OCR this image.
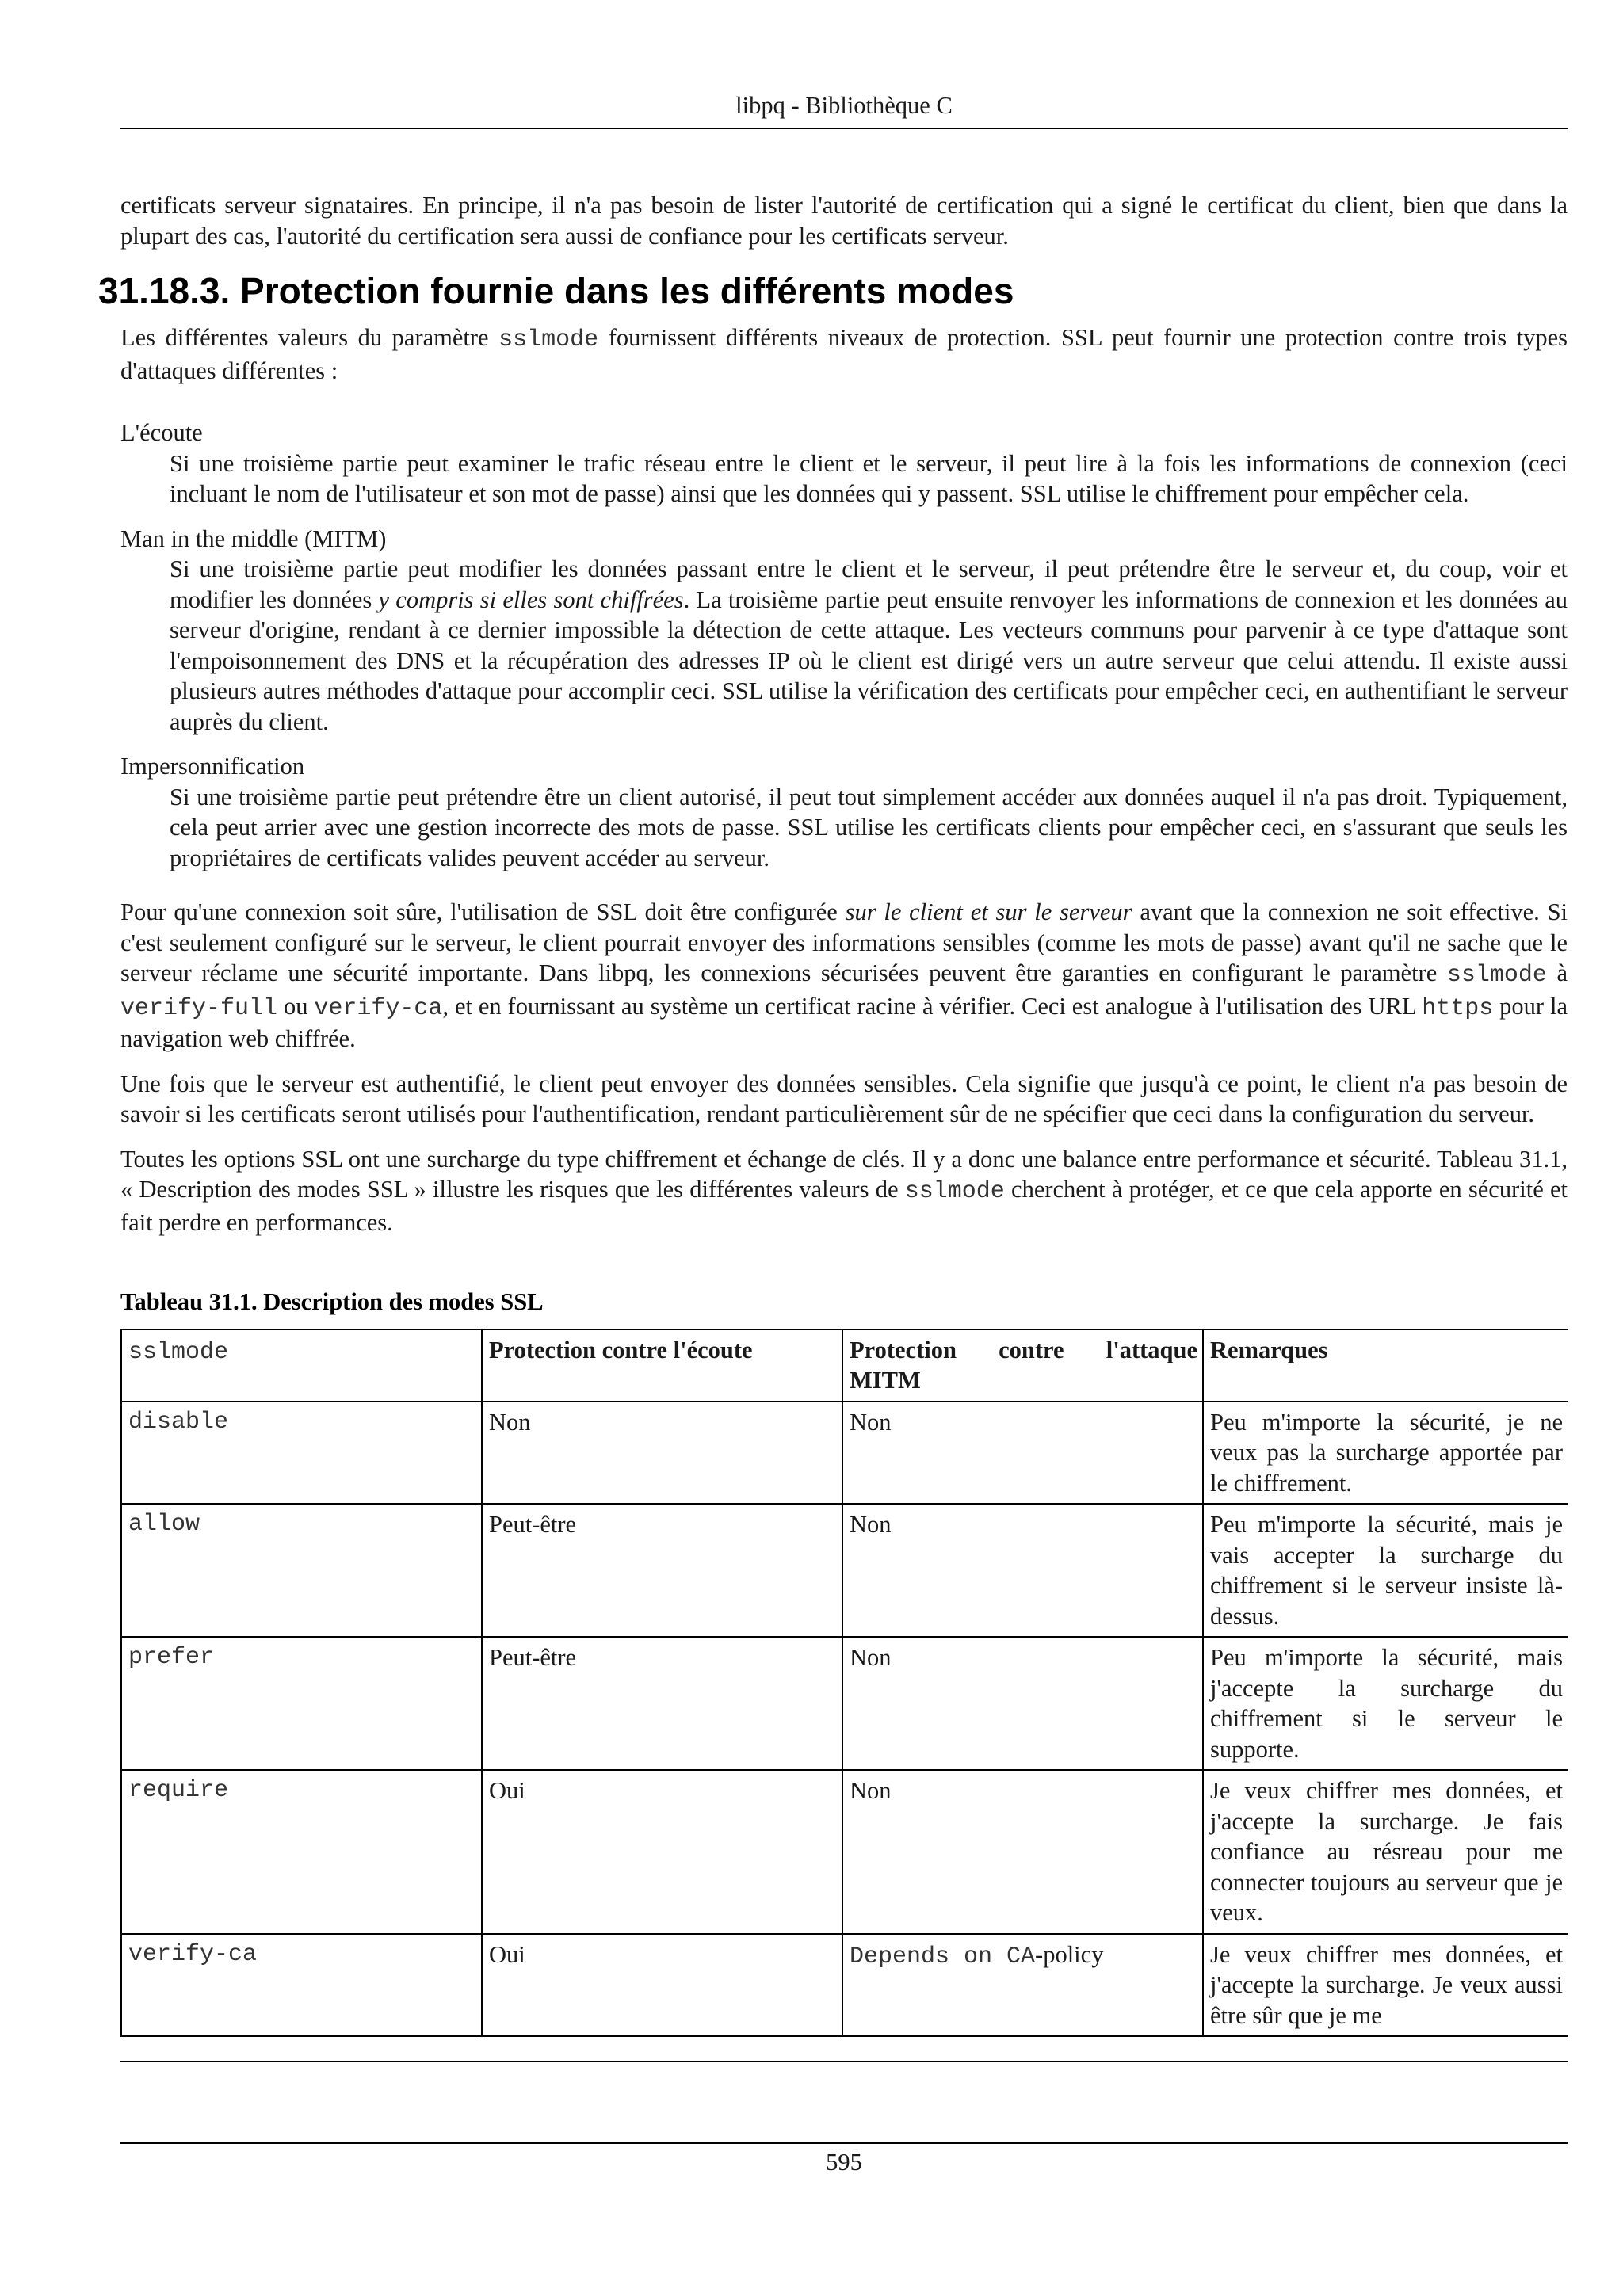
libpq - Bibliothèque C

certificats serveur signataires. En principe, il n'a pas besoin de lister l'autorité de certification qui a signé le certificat du client, bien que dans la plupart des cas, l'autorité du certification sera aussi de confiance pour les certificats serveur.

31.18.3. Protection fournie dans les différents modes

Les différentes valeurs du paramètre sslmode fournissent différents niveaux de protection. SSL peut fournir une protection contre trois types d'attaques différentes :

L'écoute
Si une troisième partie peut examiner le trafic réseau entre le client et le serveur, il peut lire à la fois les informations de connexion (ceci incluant le nom de l'utilisateur et son mot de passe) ainsi que les données qui y passent. SSL utilise le chiffrement pour empêcher cela.
Man in the middle (MITM)
Si une troisième partie peut modifier les données passant entre le client et le serveur, il peut prétendre être le serveur et, du coup, voir et modifier les données y compris si elles sont chiffrées. La troisième partie peut ensuite renvoyer les informations de connexion et les données au serveur d'origine, rendant à ce dernier impossible la détection de cette attaque. Les vecteurs communs pour parvenir à ce type d'attaque sont l'empoisonnement des DNS et la récupération des adresses IP où le client est dirigé vers un autre serveur que celui attendu. Il existe aussi plusieurs autres méthodes d'attaque pour accomplir ceci. SSL utilise la vérification des certificats pour empêcher ceci, en authentifiant le serveur auprès du client.
Impersonnification
Si une troisième partie peut prétendre être un client autorisé, il peut tout simplement accéder aux données auquel il n'a pas droit. Typiquement, cela peut arrier avec une gestion incorrecte des mots de passe. SSL utilise les certificats clients pour empêcher ceci, en s'assurant que seuls les propriétaires de certificats valides peuvent accéder au serveur.

Pour qu'une connexion soit sûre, l'utilisation de SSL doit être configurée sur le client et sur le serveur avant que la connexion ne soit effective. Si c'est seulement configuré sur le serveur, le client pourrait envoyer des informations sensibles (comme les mots de passe) avant qu'il ne sache que le serveur réclame une sécurité importante. Dans libpq, les connexions sécurisées peuvent être garanties en configurant le paramètre sslmode à verify-full ou verify-ca, et en fournissant au système un certificat racine à vérifier. Ceci est analogue à l'utilisation des URL https pour la navigation web chiffrée.

Une fois que le serveur est authentifié, le client peut envoyer des données sensibles. Cela signifie que jusqu'à ce point, le client n'a pas besoin de savoir si les certificats seront utilisés pour l'authentification, rendant particulièrement sûr de ne spécifier que ceci dans la configuration du serveur.

Toutes les options SSL ont une surcharge du type chiffrement et échange de clés. Il y a donc une balance entre performance et sécurité. Tableau 31.1, « Description des modes SSL » illustre les risques que les différentes valeurs de sslmode cherchent à protéger, et ce que cela apporte en sécurité et fait perdre en performances.

Tableau 31.1. Description des modes SSL
sslmode	Protection contre l'écoute	Protection contre l'attaque MITM	Remarques
disable	Non	Non	Peu m'importe la sécurité, je ne veux pas la surcharge apportée par le chiffrement.
allow	Peut-être	Non	Peu m'importe la sécurité, mais je vais accepter la surcharge du chiffrement si le serveur insiste là-dessus.
prefer	Peut-être	Non	Peu m'importe la sécurité, mais j'accepte la surcharge du chiffrement si le serveur le supporte.
require	Oui	Non	Je veux chiffrer mes données, et j'accepte la surcharge. Je fais confiance au résreau pour me connecter toujours au serveur que je veux.
verify-ca	Oui	Depends on CA-policy	Je veux chiffrer mes données, et j'accepte la surcharge. Je veux aussi être sûr que je me
595
